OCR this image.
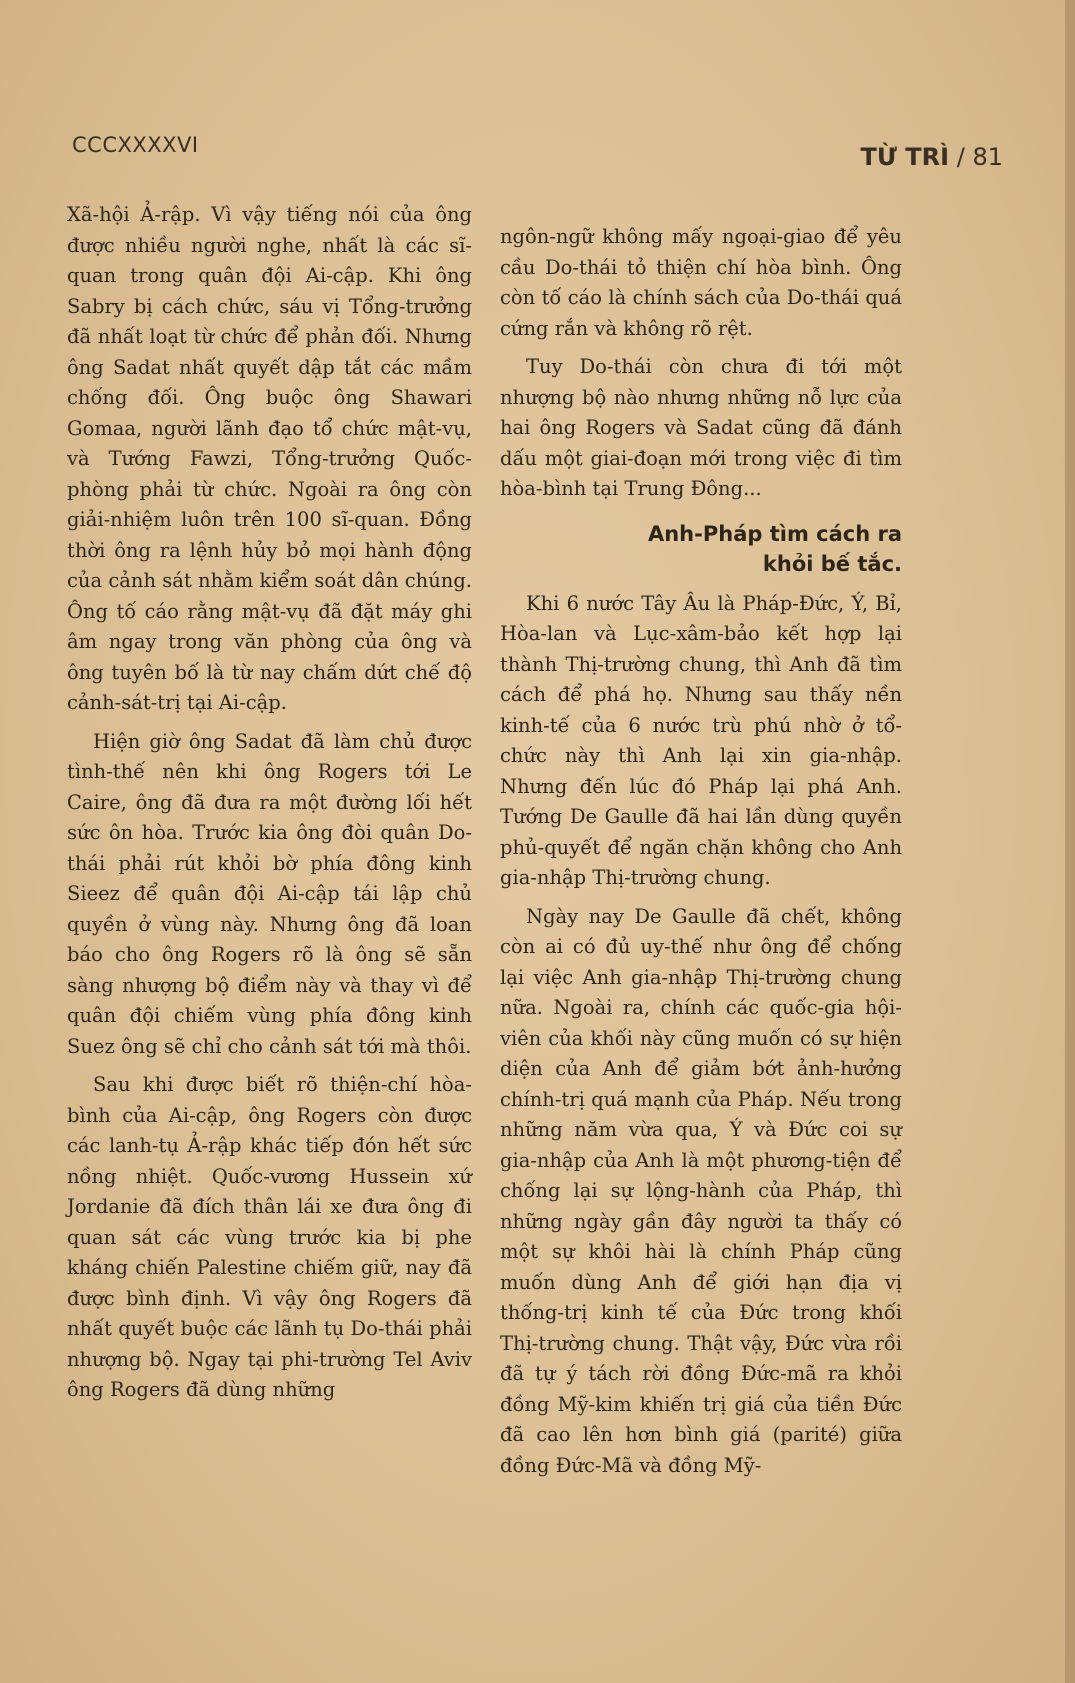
CCCXXXXVI	TỪ TRÌ / 81

Xã-hội Ả-rập. Vì vậy tiếng nói của ông được nhiều người nghe, nhất là các sĩ-quan trong quân đội Ai-cập. Khi ông Sabry bị cách chức, sáu vị Tổng-trưởng đã nhất loạt từ chức để phản đối. Nhưng ông Sadat nhất quyết dập tắt các mầm chống đối. Ông buộc ông Shawari Gomaa, người lãnh đạo tổ chức mật-vụ, và Tướng Fawzi, Tổng-trưởng Quốc-phòng phải từ chức. Ngoài ra ông còn giải-nhiệm luôn trên 100 sĩ-quan. Đồng thời ông ra lệnh hủy bỏ mọi hành động của cảnh sát nhằm kiểm soát dân chúng. Ông tố cáo rằng mật-vụ đã đặt máy ghi âm ngay trong văn phòng của ông và ông tuyên bố là từ nay chấm dứt chế độ cảnh-sát-trị tại Ai-cập.

Hiện giờ ông Sadat đã làm chủ được tình-thế nên khi ông Rogers tới Le Caire, ông đã đưa ra một đường lối hết sức ôn hòa. Trước kia ông đòi quân Do-thái phải rút khỏi bờ phía đông kinh Sieez để quân đội Ai-cập tái lập chủ quyền ở vùng này. Nhưng ông đã loan báo cho ông Rogers rõ là ông sẽ sẵn sàng nhượng bộ điểm này và thay vì để quân đội chiếm vùng phía đông kinh Suez ông sẽ chỉ cho cảnh sát tới mà thôi.

Sau khi được biết rõ thiện-chí hòa-bình của Ai-cập, ông Rogers còn được các lanh-tụ Ả-rập khác tiếp đón hết sức nồng nhiệt. Quốc-vương Hussein xứ Jordanie đã đích thân lái xe đưa ông đi quan sát các vùng trước kia bị phe kháng chiến Palestine chiếm giữ, nay đã được bình định. Vì vậy ông Rogers đã nhất quyết buộc các lãnh tụ Do-thái phải nhượng bộ. Ngay tại phi-trường Tel Aviv ông Rogers đã dùng những

ngôn-ngữ không mấy ngoại-giao để yêu cầu Do-thái tỏ thiện chí hòa bình. Ông còn tố cáo là chính sách của Do-thái quá cứng rắn và không rõ rệt.

Tuy Do-thái còn chưa đi tới một nhượng bộ nào nhưng những nỗ lực của hai ông Rogers và Sadat cũng đã đánh dấu một giai-đoạn mới trong việc đi tìm hòa-bình tại Trung Đông...

Anh-Pháp tìm cách ra khỏi bế tắc.

Khi 6 nước Tây Âu là Pháp-Đức, Ý, Bỉ, Hòa-lan và Lục-xâm-bảo kết hợp lại thành Thị-trường chung, thì Anh đã tìm cách để phá họ. Nhưng sau thấy nền kinh-tế của 6 nước trù phú nhờ ở tổ-chức này thì Anh lại xin gia-nhập. Nhưng đến lúc đó Pháp lại phá Anh. Tướng De Gaulle đã hai lần dùng quyền phủ-quyết để ngăn chặn không cho Anh gia-nhập Thị-trường chung.

Ngày nay De Gaulle đã chết, không còn ai có đủ uy-thế như ông để chống lại việc Anh gia-nhập Thị-trường chung nữa. Ngoài ra, chính các quốc-gia hội-viên của khối này cũng muốn có sự hiện diện của Anh để giảm bớt ảnh-hưởng chính-trị quá mạnh của Pháp. Nếu trong những năm vừa qua, Ý và Đức coi sự gia-nhập của Anh là một phương-tiện để chống lại sự lộng-hành của Pháp, thì những ngày gần đây người ta thấy có một sự khôi hài là chính Pháp cũng muốn dùng Anh để giới hạn địa vị thống-trị kinh tế của Đức trong khối Thị-trường chung. Thật vậy, Đức vừa rồi đã tự ý tách rời đồng Đức-mã ra khỏi đồng Mỹ-kim khiến trị giá của tiền Đức đã cao lên hơn bình giá (parité) giữa đồng Đức-Mã và đồng Mỹ-
